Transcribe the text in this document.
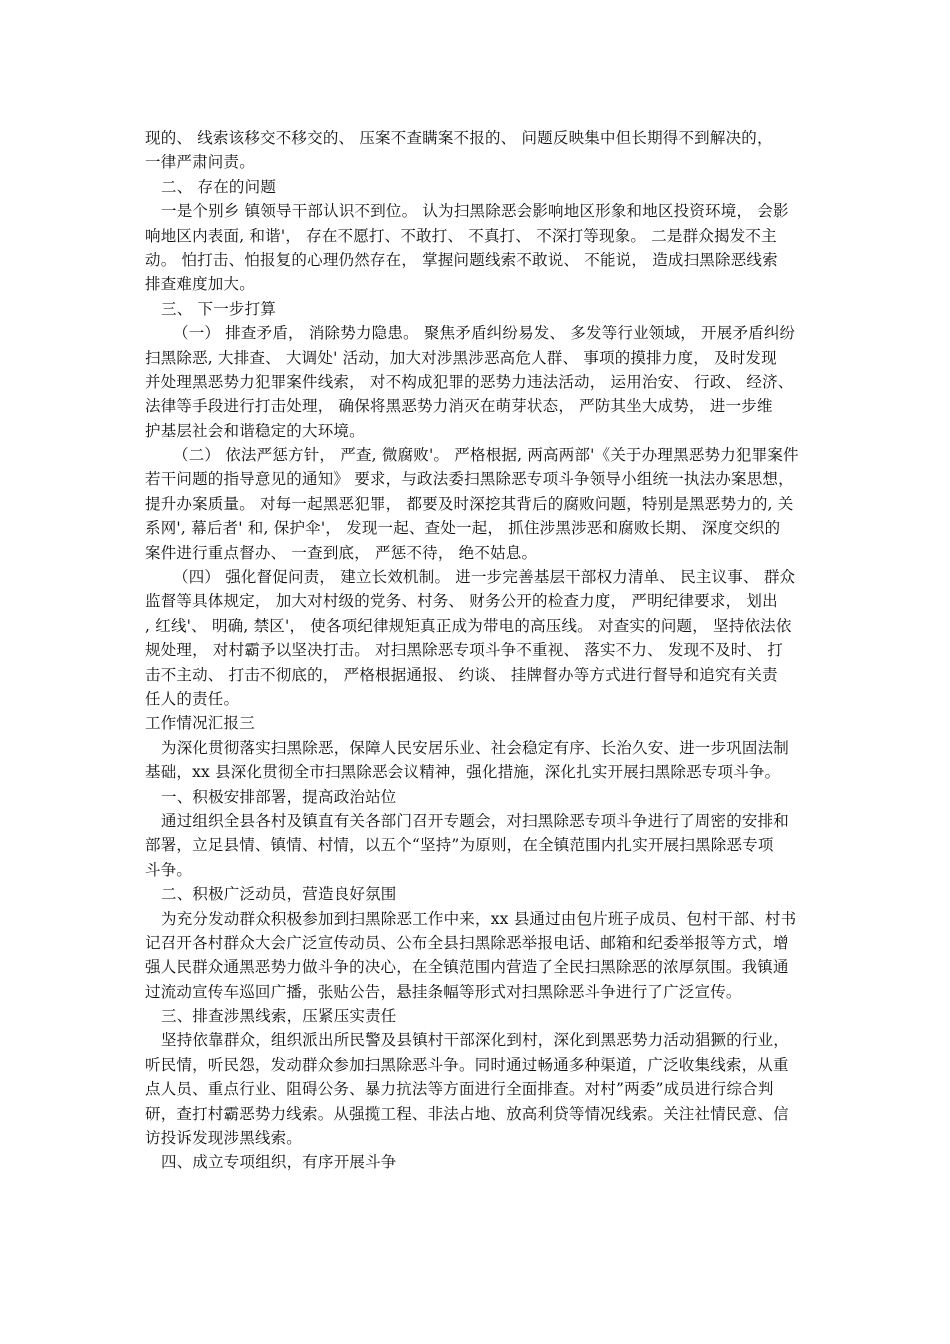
现的、 线索该移交不移交的、 压案不查瞒案不报的、 问题反映集中但长期得不到解决的，
一律严肃问责。
二、 存在的问题
一是个别乡 镇领导干部认识不到位。 认为扫黑除恶会影响地区形象和地区投资环境， 会影
响地区内表面, 和谐'， 存在不愿打、不敢打、 不真打、 不深打等现象。 二是群众揭发不主
动。 怕打击、怕报复的心理仍然存在， 掌握问题线索不敢说、 不能说， 造成扫黑除恶线索
排查难度加大。
三、 下一步打算
（一） 排查矛盾， 消除势力隐患。 聚焦矛盾纠纷易发、 多发等行业领域， 开展矛盾纠纷
扫黑除恶, 大排查、 大调处' 活动，加大对涉黑涉恶高危人群、 事项的摸排力度， 及时发现
并处理黑恶势力犯罪案件线索， 对不构成犯罪的恶势力违法活动， 运用治安、 行政、 经济、
法律等手段进行打击处理， 确保将黑恶势力消灭在萌芽状态， 严防其坐大成势， 进一步维
护基层社会和谐稳定的大环境。
（二） 依法严惩方针， 严查, 微腐败'。 严格根据, 两高两部'《关于办理黑恶势力犯罪案件
若干问题的指导意见的通知》 要求，与政法委扫黑除恶专项斗争领导小组统一执法办案思想，
提升办案质量。 对每一起黑恶犯罪， 都要及时深挖其背后的腐败问题，特别是黑恶势力的, 关
系网', 幕后者' 和, 保护伞'， 发现一起、查处一起， 抓住涉黑涉恶和腐败长期、 深度交织的
案件进行重点督办、 一查到底， 严惩不待， 绝不姑息。
（四） 强化督促问责， 建立长效机制。 进一步完善基层干部权力清单、 民主议事、 群众
监督等具体规定， 加大对村级的党务、村务、 财务公开的检查力度， 严明纪律要求， 划出
, 红线'、 明确, 禁区'， 使各项纪律规矩真正成为带电的高压线。 对查实的问题， 坚持依法依
规处理， 对村霸予以坚决打击。 对扫黑除恶专项斗争不重视、 落实不力、 发现不及时、 打
击不主动、 打击不彻底的， 严格根据通报、 约谈、 挂牌督办等方式进行督导和追究有关责
任人的责任。
工作情况汇报三
为深化贯彻落实扫黑除恶，保障人民安居乐业、社会稳定有序、长治久安、进一步巩固法制
基础，xx 县深化贯彻全市扫黑除恶会议精神，强化措施，深化扎实开展扫黑除恶专项斗争。
一、积极安排部署，提高政治站位
通过组织全县各村及镇直有关各部门召开专题会，对扫黑除恶专项斗争进行了周密的安排和
部署，立足县情、镇情、村情，以五个“坚持”为原则，在全镇范围内扎实开展扫黑除恶专项
斗争。
二、积极广泛动员，营造良好氛围
为充分发动群众积极参加到扫黑除恶工作中来，xx 县通过由包片班子成员、包村干部、村书
记召开各村群众大会广泛宣传动员、公布全县扫黑除恶举报电话、邮箱和纪委举报等方式，增
强人民群众通黑恶势力做斗争的决心，在全镇范围内营造了全民扫黑除恶的浓厚氛围。我镇通
过流动宣传车巡回广播，张贴公告，悬挂条幅等形式对扫黑除恶斗争进行了广泛宣传。
三、排查涉黑线索，压紧压实责任
坚持依靠群众，组织派出所民警及县镇村干部深化到村，深化到黑恶势力活动猖獗的行业，
听民情，听民怨，发动群众参加扫黑除恶斗争。同时通过畅通多种渠道，广泛收集线索，从重
点人员、重点行业、阻碍公务、暴力抗法等方面进行全面排查。对村”两委”成员进行综合判
研，查打村霸恶势力线索。从强揽工程、非法占地、放高利贷等情况线索。关注社情民意、信
访投诉发现涉黑线索。
四、成立专项组织，有序开展斗争
